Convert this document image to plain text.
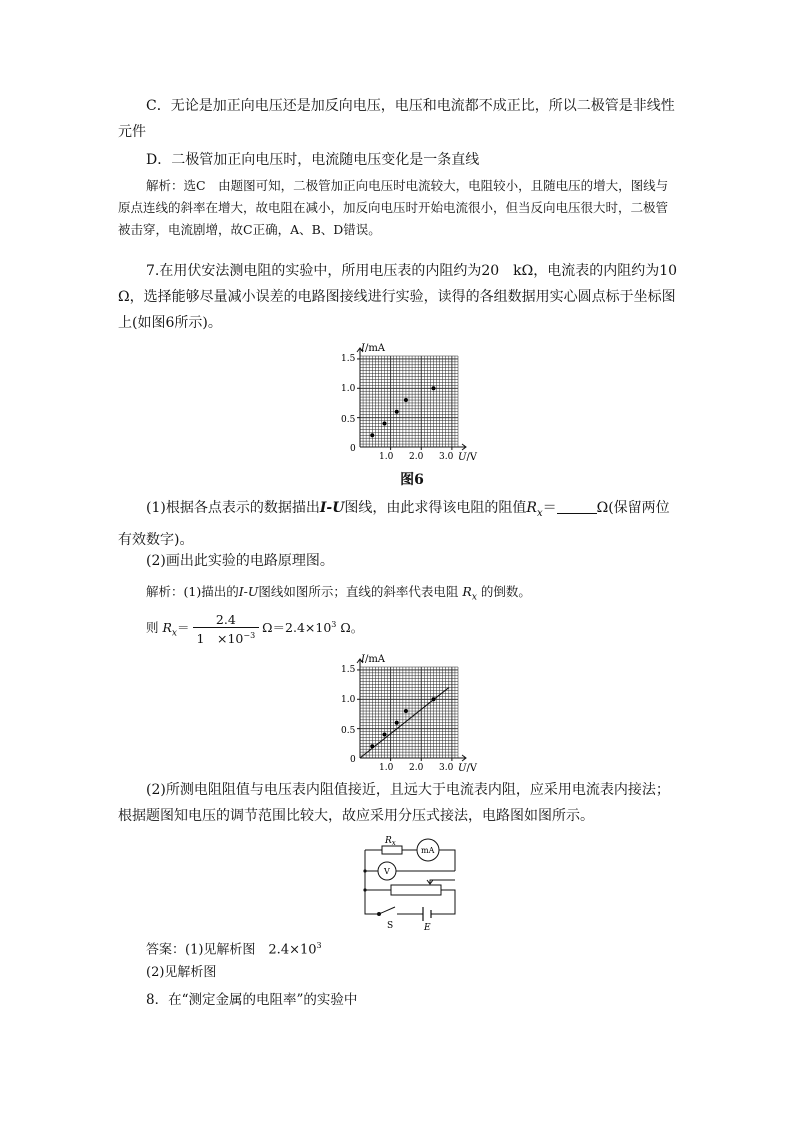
C．无论是加正向电压还是加反向电压，电压和电流都不成正比，所以二极管是非线性元件

D．二极管加正向电压时，电流随电压变化是一条直线

解析：选C　由题图可知，二极管加正向电压时电流较大，电阻较小，且随电压的增大，图线与原点连线的斜率在增大，故电阻在减小，加反向电压时开始电流很小，但当反向电压很大时，二极管被击穿，电流剧增，故C正确，A、B、D错误。

7.在用伏安法测电阻的实验中，所用电压表的内阻约为20　kΩ，电流表的内阻约为10 Ω，选择能够尽量减小误差的电路图接线进行实验，读得的各组数据用实心圆点标于坐标图上(如图6所示)。

I/mA
U/V
0
0.5
1.0
1.5
1.0 2.0 3.0
图6

(1)根据各点表示的数据描出I-U图线，由此求得该电阻的阻值$R_x=$	Ω(保留两位有效数字)。

(2)画出此实验的电路原理图。

解析：(1)描出的I-U图线如图所示；直线的斜率代表电阻 $R_x$ 的倒数。

则 $R_x= \frac{2.4}{1 \times 10^{-3}} \Omega=2.4\times 10^3$ Ω。
I/mA
U/V
0
0.5
1.0
1.5
1.0 2.0 3.0

(2)所测电阻阻值与电压表内阻值接近，且远大于电流表内阻，应采用电流表内接法；根据题图知电压的调节范围比较大，故应采用分压式接法，电路图如图所示。

$R_x$
mA
V
S	E

答案：(1)见解析图　$2.4\times 10^3$

(2)见解析图

8．在“测定金属的电阻率”的实验中
